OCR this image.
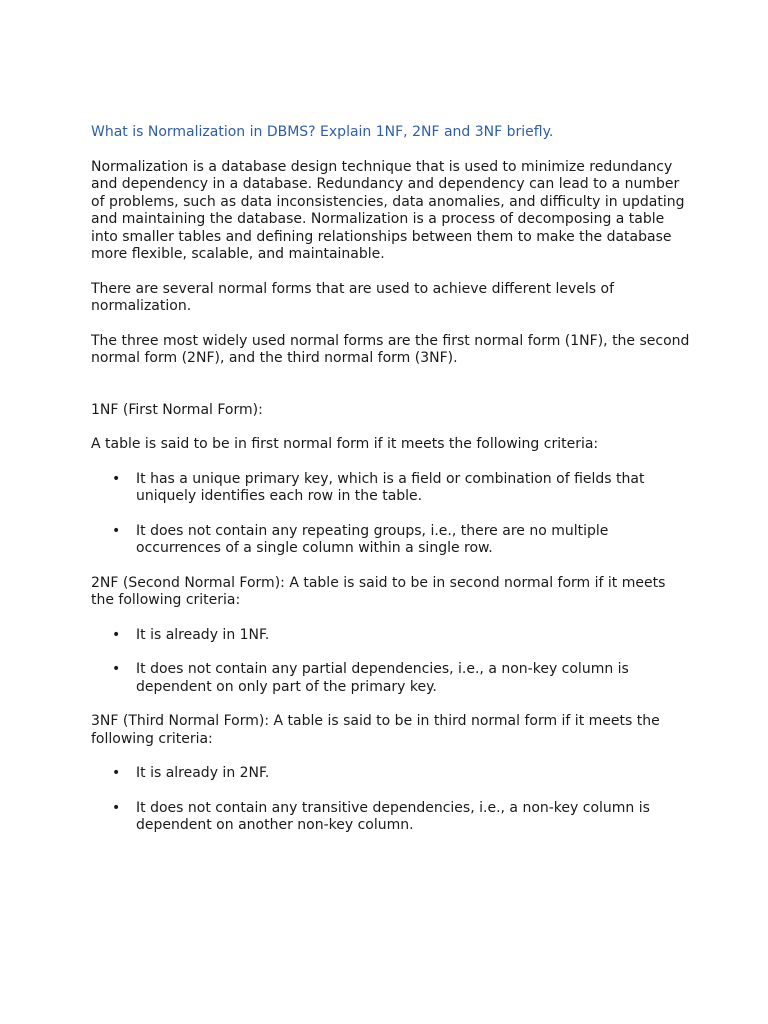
What is Normalization in DBMS? Explain 1NF, 2NF and 3NF briefly.

Normalization is a database design technique that is used to minimize redundancy and dependency in a database. Redundancy and dependency can lead to a number of problems, such as data inconsistencies, data anomalies, and difficulty in updating and maintaining the database. Normalization is a process of decomposing a table into smaller tables and defining relationships between them to make the database more flexible, scalable, and maintainable.

There are several normal forms that are used to achieve different levels of normalization.

The three most widely used normal forms are the first normal form (1NF), the second normal form (2NF), and the third normal form (3NF).

1NF (First Normal Form):

A table is said to be in first normal form if it meets the following criteria:

• It has a unique primary key, which is a field or combination of fields that uniquely identifies each row in the table.
• It does not contain any repeating groups, i.e., there are no multiple occurrences of a single column within a single row.

2NF (Second Normal Form): A table is said to be in second normal form if it meets the following criteria:

• It is already in 1NF.
• It does not contain any partial dependencies, i.e., a non-key column is dependent on only part of the primary key.

3NF (Third Normal Form): A table is said to be in third normal form if it meets the following criteria:

• It is already in 2NF.
• It does not contain any transitive dependencies, i.e., a non-key column is dependent on another non-key column.
